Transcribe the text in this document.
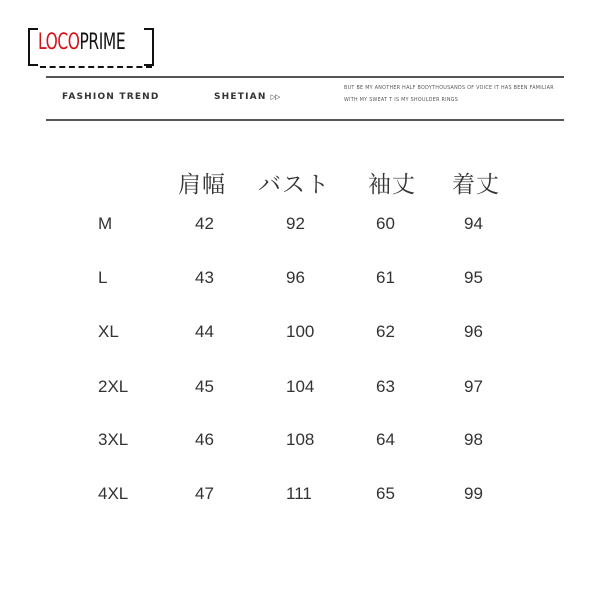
LOCOPRIME
FASHION TREND	SHETIAN ▷▷
BUT BE MY ANOTHER HALF BODYTHOUSANDS OF VOICE IT HAS BEEN FAMILIAR
WITH MY SWEAT T IS MY SHOULDER RINGS
肩幅 バスト 袖丈 着丈
M	42	92	60	94
L	43	96	61	95
XL	44	100	62	96
2XL	45	104	63	97
3XL	46	108	64	98
4XL	47	111	65	99
